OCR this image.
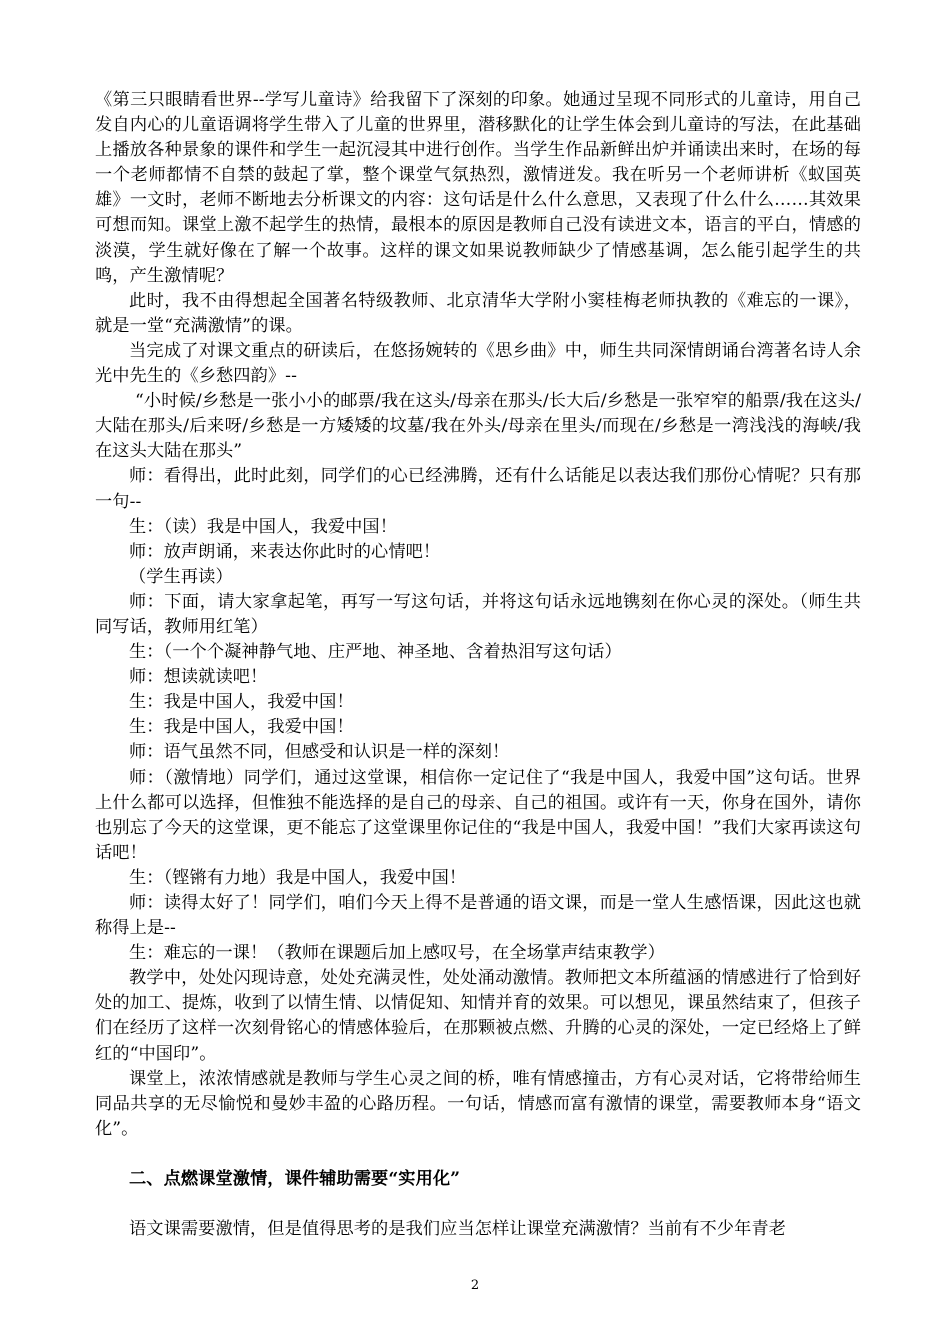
《第三只眼睛看世界--学写儿童诗》给我留下了深刻的印象。她通过呈现不同形式的儿童诗，用自己发自内心的儿童语调将学生带入了儿童的世界里，潜移默化的让学生体会到儿童诗的写法，在此基础上播放各种景象的课件和学生一起沉浸其中进行创作。当学生作品新鲜出炉并诵读出来时，在场的每一个老师都情不自禁的鼓起了掌，整个课堂气氛热烈，激情迸发。我在听另一个老师讲析《蚁国英雄》一文时，老师不断地去分析课文的内容：这句话是什么什么意思，又表现了什么什么……其效果可想而知。课堂上激不起学生的热情，最根本的原因是教师自己没有读进文本，语言的平白，情感的淡漠，学生就好像在了解一个故事。这样的课文如果说教师缺少了情感基调，怎么能引起学生的共鸣，产生激情呢？

此时，我不由得想起全国著名特级教师、北京清华大学附小窦桂梅老师执教的《难忘的一课》，就是一堂“充满激情”的课。

当完成了对课文重点的研读后，在悠扬婉转的《思乡曲》中，师生共同深情朗诵台湾著名诗人余光中先生的《乡愁四韵》--

“小时候/乡愁是一张小小的邮票/我在这头/母亲在那头/长大后/乡愁是一张窄窄的船票/我在这头/大陆在那头/后来呀/乡愁是一方矮矮的坟墓/我在外头/母亲在里头/而现在/乡愁是一湾浅浅的海峡/我在这头大陆在那头”

师：看得出，此时此刻，同学们的心已经沸腾，还有什么话能足以表达我们那份心情呢？只有那一句--

生：（读）我是中国人，我爱中国！

师：放声朗诵，来表达你此时的心情吧！

（学生再读）

师：下面，请大家拿起笔，再写一写这句话，并将这句话永远地镌刻在你心灵的深处。（师生共同写话，教师用红笔）

生：（一个个凝神静气地、庄严地、神圣地、含着热泪写这句话）

师：想读就读吧！

生：我是中国人，我爱中国！

生：我是中国人，我爱中国！

师：语气虽然不同，但感受和认识是一样的深刻！

师：（激情地）同学们，通过这堂课，相信你一定记住了“我是中国人，我爱中国”这句话。世界上什么都可以选择，但惟独不能选择的是自己的母亲、自己的祖国。或许有一天，你身在国外，请你也别忘了今天的这堂课，更不能忘了这堂课里你记住的“我是中国人，我爱中国！”我们大家再读这句话吧！

生：（铿锵有力地）我是中国人，我爱中国！

师：读得太好了！同学们，咱们今天上得不是普通的语文课，而是一堂人生感悟课，因此这也就称得上是--

生：难忘的一课！（教师在课题后加上感叹号，在全场掌声结束教学）

教学中，处处闪现诗意，处处充满灵性，处处涌动激情。教师把文本所蕴涵的情感进行了恰到好处的加工、提炼，收到了以情生情、以情促知、知情并育的效果。可以想见，课虽然结束了，但孩子们在经历了这样一次刻骨铭心的情感体验后，在那颗被点燃、升腾的心灵的深处，一定已经烙上了鲜红的“中国印”。

课堂上，浓浓情感就是教师与学生心灵之间的桥，唯有情感撞击，方有心灵对话，它将带给师生同品共享的无尽愉悦和曼妙丰盈的心路历程。一句话，情感而富有激情的课堂，需要教师本身“语文化”。

二、点燃课堂激情，课件辅助需要“实用化”

语文课需要激情，但是值得思考的是我们应当怎样让课堂充满激情？当前有不少年青老

2
